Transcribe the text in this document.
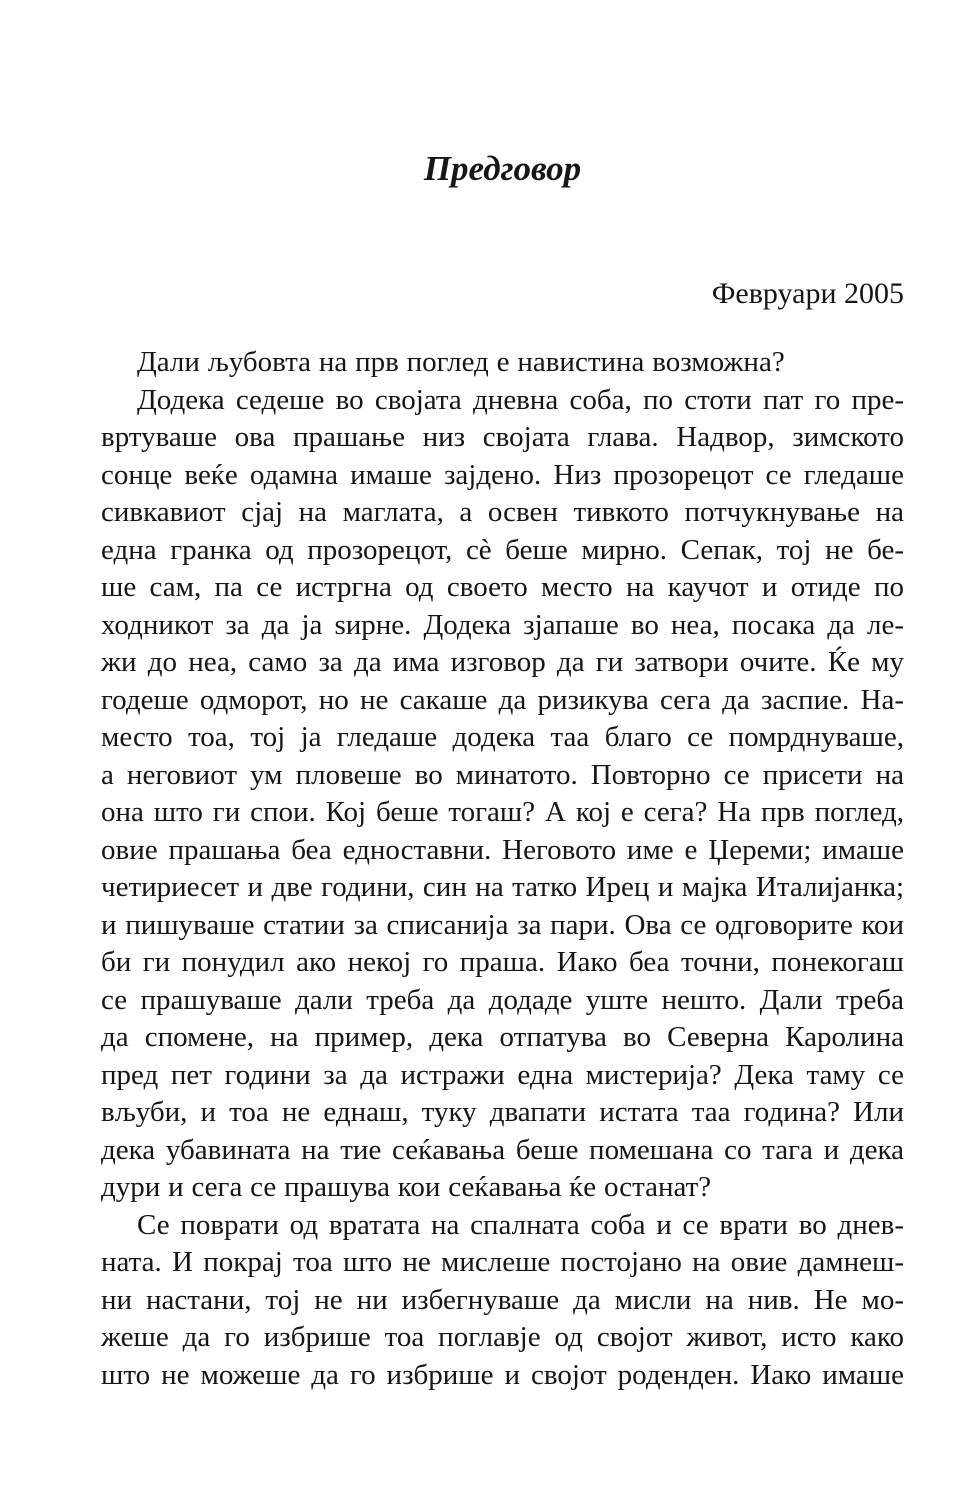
Предговор
Февруари 2005
Дали љубовта на прв поглед е навистина возможна?
Додека седеше во својата дневна соба, по стоти пат го пре-
вртуваше ова прашање низ својата глава. Надвор, зимското
сонце веќе одамна имаше зајдено. Низ прозорецот се гледаше
сивкавиот сјај на маглата, а освен тивкото потчукнување на
една гранка од прозорецот, сѐ беше мирно. Сепак, тој не бе-
ше сам, па се истргна од своето место на каучот и отиде по
ходникот за да ја ѕирне. Додека зјапаше во неа, посака да ле-
жи до неа, само за да има изговор да ги затвори очите. Ќе му
годеше одморот, но не сакаше да ризикува сега да заспие. На-
место тоа, тој ја гледаше додека таа благо се помрднуваше,
а неговиот ум пловеше во минатото. Повторно се присети на
она што ги спои. Кој беше тогаш? А кој е сега? На прв поглед,
овие прашања беа едноставни. Неговото име е Џереми; имаше
четириесет и две години, син на татко Ирец и мајка Италијанка;
и пишуваше статии за списанија за пари. Ова се одговорите кои
би ги понудил ако некој го праша. Иако беа точни, понекогаш
се прашуваше дали треба да додаде уште нешто. Дали треба
да спомене, на пример, дека отпатува во Северна Каролина
пред пет години за да истражи една мистерија? Дека таму се
вљуби, и тоа не еднаш, туку двапати истата таа година? Или
дека убавината на тие сеќавања беше помешана со тага и дека
дури и сега се прашува кои сеќавања ќе останат?
Се поврати од вратата на спалната соба и се врати во днев-
ната. И покрај тоа што не мислеше постојано на овие дамнеш-
ни настани, тој не ни избегнуваше да мисли на нив. Не мо-
жеше да го избрише тоа поглавје од својот живот, исто како
што не можеше да го избрише и својот роденден. Иако имаше
